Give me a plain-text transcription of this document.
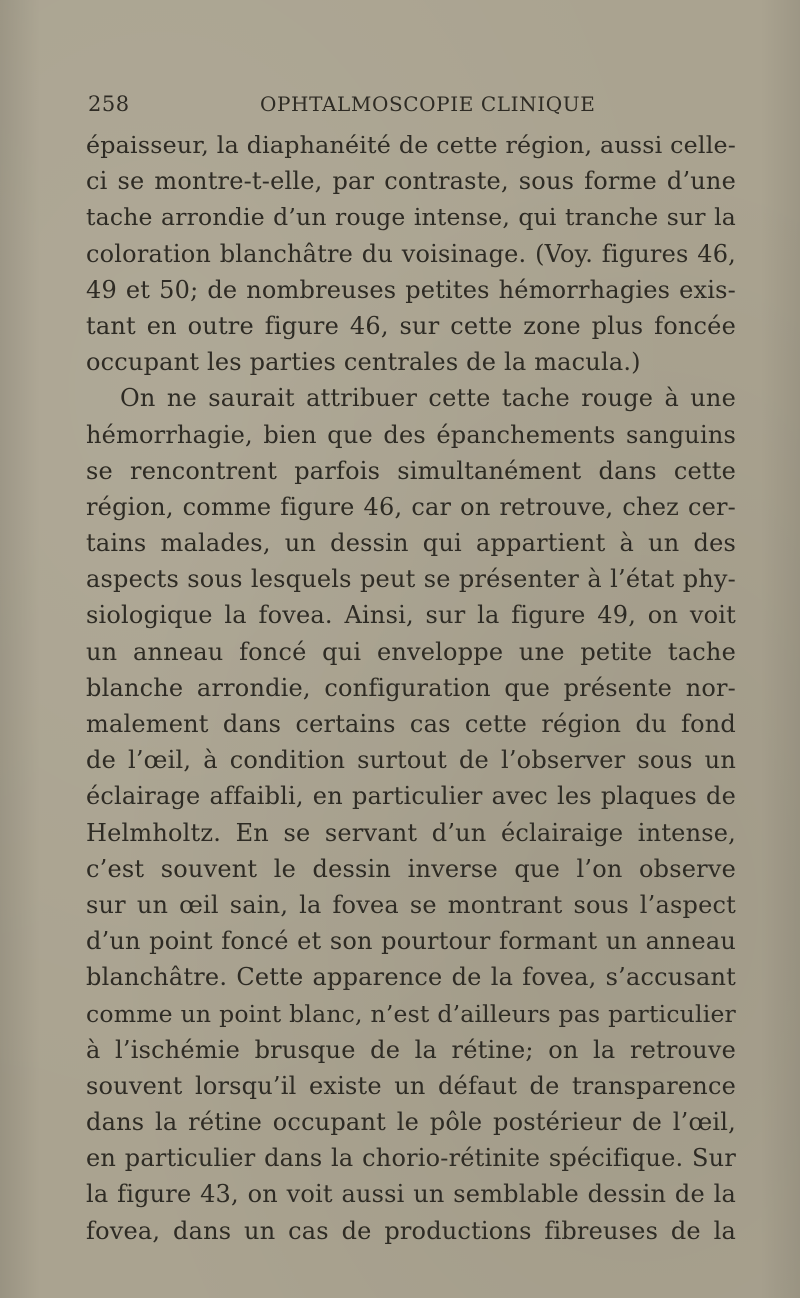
258	OPHTALMOSCOPIE CLINIQUE
épaisseur, la diaphanéité de cette région, aussi celle-
ci se montre-t-elle, par contraste, sous forme d’une
tache arrondie d’un rouge intense, qui tranche sur la
coloration blanchâtre du voisinage. (Voy. figures 46,
49 et 50; de nombreuses petites hémorrhagies exis-
tant en outre figure 46, sur cette zone plus foncée
occupant les parties centrales de la macula.)
On ne saurait attribuer cette tache rouge à une
hémorrhagie, bien que des épanchements sanguins
se rencontrent parfois simultanément dans cette
région, comme figure 46, car on retrouve, chez cer-
tains malades, un dessin qui appartient à un des
aspects sous lesquels peut se présenter à l’état phy-
siologique la fovea. Ainsi, sur la figure 49, on voit
un anneau foncé qui enveloppe une petite tache
blanche arrondie, configuration que présente nor-
malement dans certains cas cette région du fond
de l’œil, à condition surtout de l’observer sous un
éclairage affaibli, en particulier avec les plaques de
Helmholtz. En se servant d’un éclairaige intense,
c’est souvent le dessin inverse que l’on observe
sur un œil sain, la fovea se montrant sous l’aspect
d’un point foncé et son pourtour formant un anneau
blanchâtre. Cette apparence de la fovea, s’accusant
comme un point blanc, n’est d’ailleurs pas particulier
à l’ischémie brusque de la rétine; on la retrouve
souvent lorsqu’il existe un défaut de transparence
dans la rétine occupant le pôle postérieur de l’œil,
en particulier dans la chorio-rétinite spécifique. Sur
la figure 43, on voit aussi un semblable dessin de la
fovea, dans un cas de productions fibreuses de la
